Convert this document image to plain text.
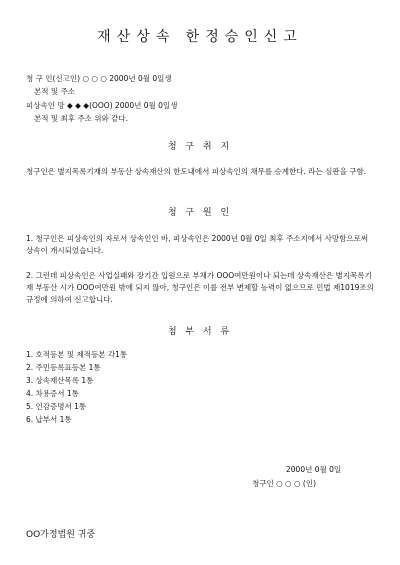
재산상속 한정승인신고
청 구 인(신고인) ○ ○ ○ 2000년 0월 0일생
본적 및 주소
피상속인 망 ◆ ◆ ◆(OOO) 2000년 0월 0일생
본적 및 최후 주소 위와 같다.
청 구 취 지
청구인은 별지목록기재의 부동산 상속재산의 한도내에서 피상속인의 채무를 승계한다. 라는 심판을 구함.
청 구 원 인
1. 청구인은 피상속인의 자로서 상속인인 바, 피상속인은 2000년 0월 0일 최후 주소지에서 사망함으로써 상속이 개시되었습니다.
2. 그런데 피상속인은 사업실패와 장기간 입원으로 부채가 OOO여만원이나 되는데 상속재산은 별지목록기재 부동산 시가 OOO여만원 밖에 되지 않아, 청구인은 이를 전부 변제할 능력이 없으므로 민법 제1019조의 규정에 의하여 신고합니다.
첨 부 서 류
1. 호적등본 및 제적등본 각1통
2. 주민등록표등본 1통
3. 상속재산목록 1통
4. 차용증서 1통
5. 인감증명서 1통
6. 납부서 1통
2000년 0월 0일
청구인 ○ ○ ○ (인)
OO가정법원 귀중
